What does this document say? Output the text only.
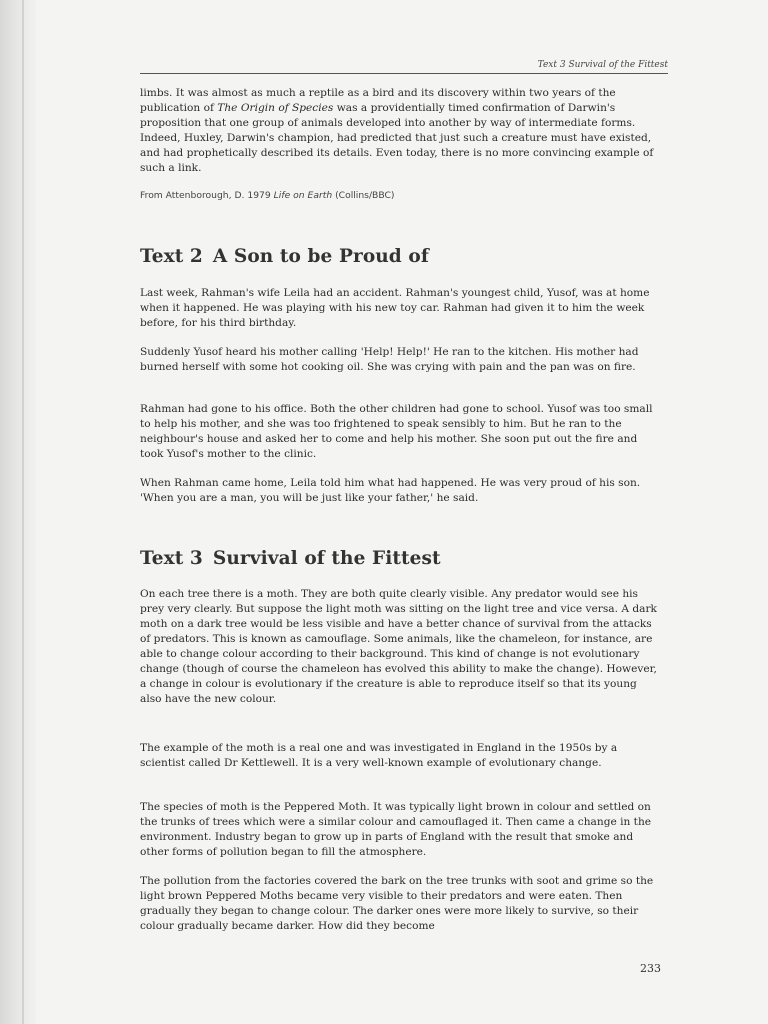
Text 3 Survival of the Fittest

limbs. It was almost as much a reptile as a bird and its discovery within two years of the publication of The Origin of Species was a providentially timed confirmation of Darwin's proposition that one group of animals developed into another by way of intermediate forms. Indeed, Huxley, Darwin's champion, had predicted that just such a creature must have existed, and had prophetically described its details. Even today, there is no more convincing example of such a link.

From Attenborough, D. 1979 Life on Earth (Collins/BBC)
Text 2 A Son to be Proud of

Last week, Rahman's wife Leila had an accident. Rahman's youngest child, Yusof, was at home when it happened. He was playing with his new toy car. Rahman had given it to him the week before, for his third birthday.

Suddenly Yusof heard his mother calling 'Help! Help!' He ran to the kitchen. His mother had burned herself with some hot cooking oil. She was crying with pain and the pan was on fire.

Rahman had gone to his office. Both the other children had gone to school. Yusof was too small to help his mother, and she was too frightened to speak sensibly to him. But he ran to the neighbour's house and asked her to come and help his mother. She soon put out the fire and took Yusof's mother to the clinic.

When Rahman came home, Leila told him what had happened. He was very proud of his son. 'When you are a man, you will be just like your father,' he said.

Text 3 Survival of the Fittest

On each tree there is a moth. They are both quite clearly visible. Any predator would see his prey very clearly. But suppose the light moth was sitting on the light tree and vice versa. A dark moth on a dark tree would be less visible and have a better chance of survival from the attacks of predators. This is known as camouflage. Some animals, like the chameleon, for instance, are able to change colour according to their background. This kind of change is not evolutionary change (though of course the chameleon has evolved this ability to make the change). However, a change in colour is evolutionary if the creature is able to reproduce itself so that its young also have the new colour.

The example of the moth is a real one and was investigated in England in the 1950s by a scientist called Dr Kettlewell. It is a very well-known example of evolutionary change.

The species of moth is the Peppered Moth. It was typically light brown in colour and settled on the trunks of trees which were a similar colour and camouflaged it. Then came a change in the environment. Industry began to grow up in parts of England with the result that smoke and other forms of pollution began to fill the atmosphere.

The pollution from the factories covered the bark on the tree trunks with soot and grime so the light brown Peppered Moths became very visible to their predators and were eaten. Then gradually they began to change colour. The darker ones were more likely to survive, so their colour gradually became darker. How did they become

233
